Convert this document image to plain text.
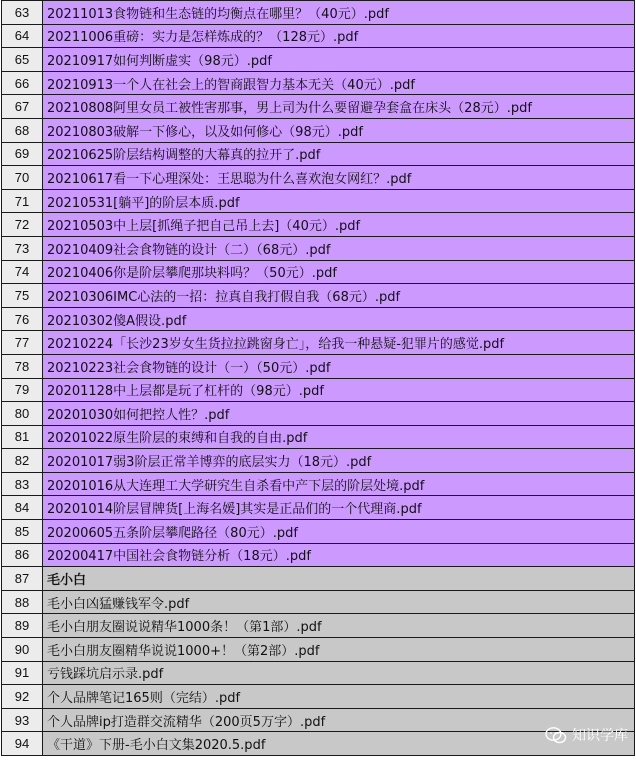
63	20211013食物链和生态链的均衡点在哪里？（40元）.pdf
64	20211006重磅：实力是怎样炼成的？（128元）.pdf
65	20210917如何判断虚实（98元）.pdf
66	20210913一个人在社会上的智商跟智力基本无关（40元）.pdf
67	20210808阿里女员工被性害那事，男上司为什么要留避孕套盒在床头（28元）.pdf
68	20210803破解一下修心，以及如何修心（98元）.pdf
69	20210625阶层结构调整的大幕真的拉开了.pdf
70	20210617看一下心理深处：王思聪为什么喜欢泡女网红？.pdf
71	20210531[躺平]的阶层本质.pdf
72	20210503中上层[抓绳子把自己吊上去]（40元）.pdf
73	20210409社会食物链的设计（二）（68元）.pdf
74	20210406你是阶层攀爬那块料吗？（50元）.pdf
75	20210306IMC心法的一招：拉真自我打假自我（68元）.pdf
76	20210302傻A假设.pdf
77	20210224「长沙23岁女生货拉拉跳窗身亡」，给我一种悬疑-犯罪片的感觉.pdf
78	20210223社会食物链的设计（一）（50元）.pdf
79	20201128中上层都是玩了杠杆的（98元）.pdf
80	20201030如何把控人性？.pdf
81	20201022原生阶层的束缚和自我的自由.pdf
82	20201017弱3阶层正常羊博弈的底层实力（18元）.pdf
83	20201016从大连理工大学研究生自杀看中产下层的阶层处境.pdf
84	20201014阶层冒牌货[上海名媛]其实是正品们的一个代理商.pdf
85	20200605五条阶层攀爬路径（80元）.pdf
86	20200417中国社会食物链分析（18元）.pdf
87	毛小白
88	毛小白凶猛赚钱军令.pdf
89	毛小白朋友圈说说精华1000条！（第1部）.pdf
90	毛小白朋友圈精华说说1000+！（第2部）.pdf
91	亏钱踩坑启示录.pdf
92	个人品牌笔记165则（完结）.pdf
93	个人品牌ip打造群交流精华（200页5万字）.pdf
94	《干道》下册-毛小白文集2020.5.pdf
知识学库
